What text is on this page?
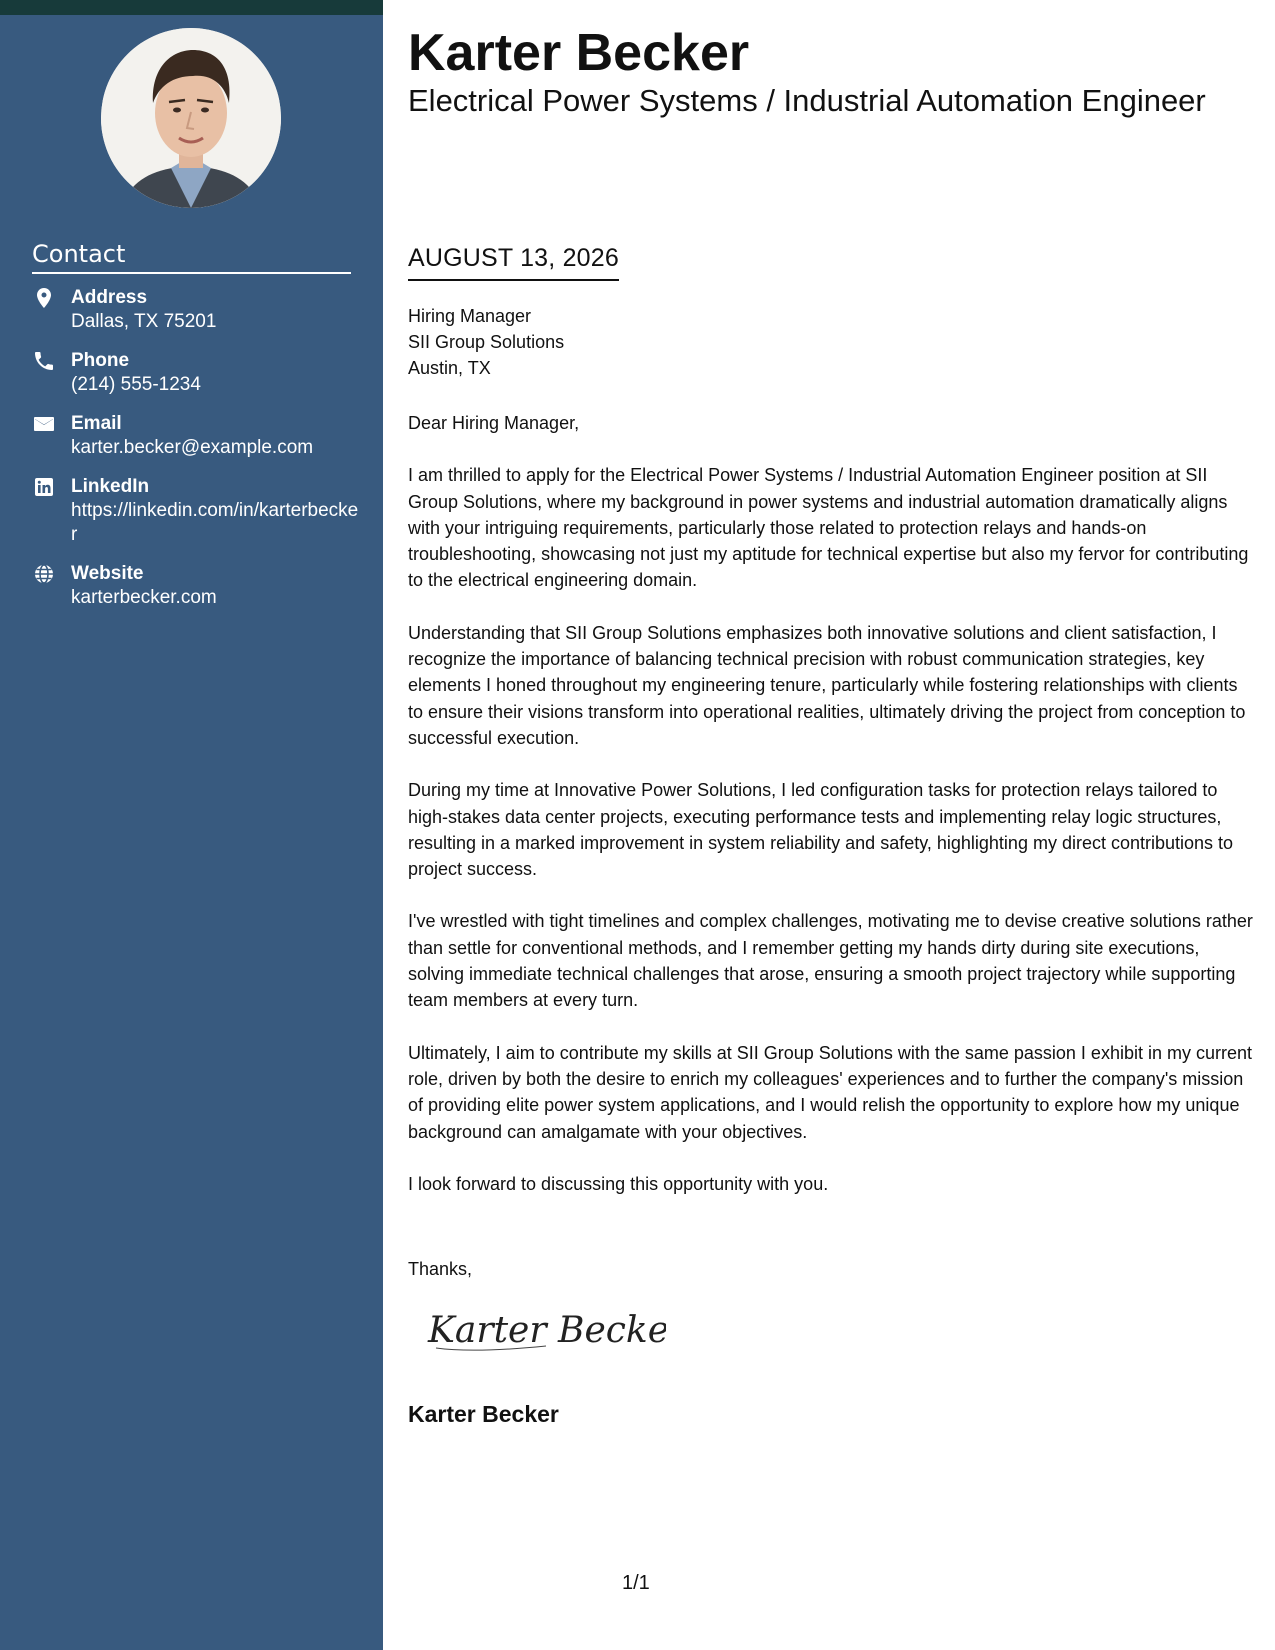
Contact
Address
Dallas, TX 75201
Phone
(214) 555-1234
Email
karter.becker@example.com
LinkedIn
https://linkedin.com/in/karterbecker
Website
karterbecker.com
Karter Becker
Electrical Power Systems / Industrial Automation Engineer
AUGUST 13, 2026
Hiring Manager
SII Group Solutions
Austin, TX

Dear Hiring Manager,

I am thrilled to apply for the Electrical Power Systems / Industrial Automation Engineer position at SII Group Solutions, where my background in power systems and industrial automation dramatically aligns with your intriguing requirements, particularly those related to protection relays and hands-on troubleshooting, showcasing not just my aptitude for technical expertise but also my fervor for contributing to the electrical engineering domain.

Understanding that SII Group Solutions emphasizes both innovative solutions and client satisfaction, I recognize the importance of balancing technical precision with robust communication strategies, key elements I honed throughout my engineering tenure, particularly while fostering relationships with clients to ensure their visions transform into operational realities, ultimately driving the project from conception to successful execution.

During my time at Innovative Power Solutions, I led configuration tasks for protection relays tailored to high-stakes data center projects, executing performance tests and implementing relay logic structures, resulting in a marked improvement in system reliability and safety, highlighting my direct contributions to project success.

I've wrestled with tight timelines and complex challenges, motivating me to devise creative solutions rather than settle for conventional methods, and I remember getting my hands dirty during site executions, solving immediate technical challenges that arose, ensuring a smooth project trajectory while supporting team members at every turn.

Ultimately, I aim to contribute my skills at SII Group Solutions with the same passion I exhibit in my current role, driven by both the desire to enrich my colleagues' experiences and to further the company's mission of providing elite power system applications, and I would relish the opportunity to explore how my unique background can amalgamate with your objectives.

I look forward to discussing this opportunity with you.

Thanks,
Karter Becker
Karter Becker
1/1
